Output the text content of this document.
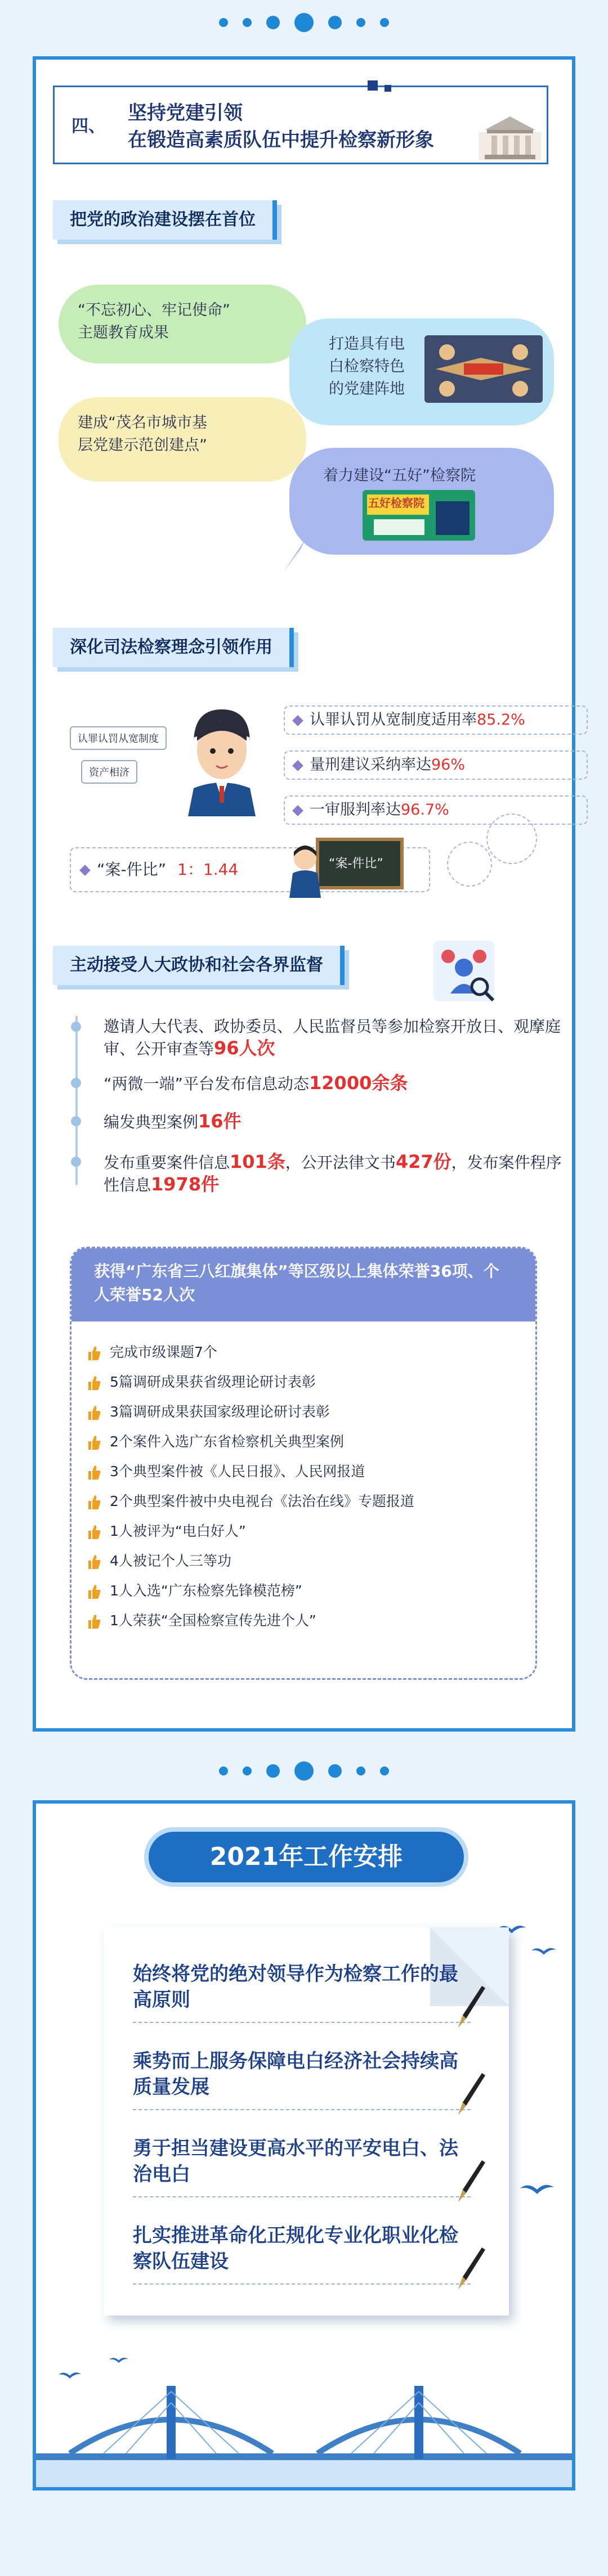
四、
坚持党建引领
在锻造高素质队伍中提升检察新形象
把党的政治建设摆在首位
“不忘初心、牢记使命”
主题教育成果
打造具有电
白检察特色
的党建阵地
建成“茂名市城市基
层党建示范创建点”
着力建设“五好”检察院
五好检察院
深化司法检察理念引领作用
认罪认罚从宽制度
资产相济
认罪认罚从宽制度适用率85.2%
量刑建议采纳率达96%
一审服判率达96.7%
“案-件比” 1：1.44	“案-件比”
主动接受人大政协和社会各界监督
邀请人大代表、政协委员、人民监督员等参加检察开放日、观摩庭审、公开审查等96人次
“两微一端”平台发布信息动态12000余条
编发典型案例16件
发布重要案件信息101条，公开法律文书427份，发布案件程序性信息1978件
获得“广东省三八红旗集体”等区级以上集体荣誉36项、个人荣誉52人次
完成市级课题7个
5篇调研成果获省级理论研讨表彰
3篇调研成果获国家级理论研讨表彰
2个案件入选广东省检察机关典型案例
3个典型案件被《人民日报》、人民网报道
2个典型案件被中央电视台《法治在线》专题报道
1人被评为“电白好人”
4人被记个人三等功
1人入选“广东检察先锋模范榜”
1人荣获“全国检察宣传先进个人”
2021年工作安排
始终将党的绝对领导作为检察工作的最高原则
乘势而上服务保障电白经济社会持续高质量发展
勇于担当建设更高水平的平安电白、法治电白
扎实推进革命化正规化专业化职业化检察队伍建设
